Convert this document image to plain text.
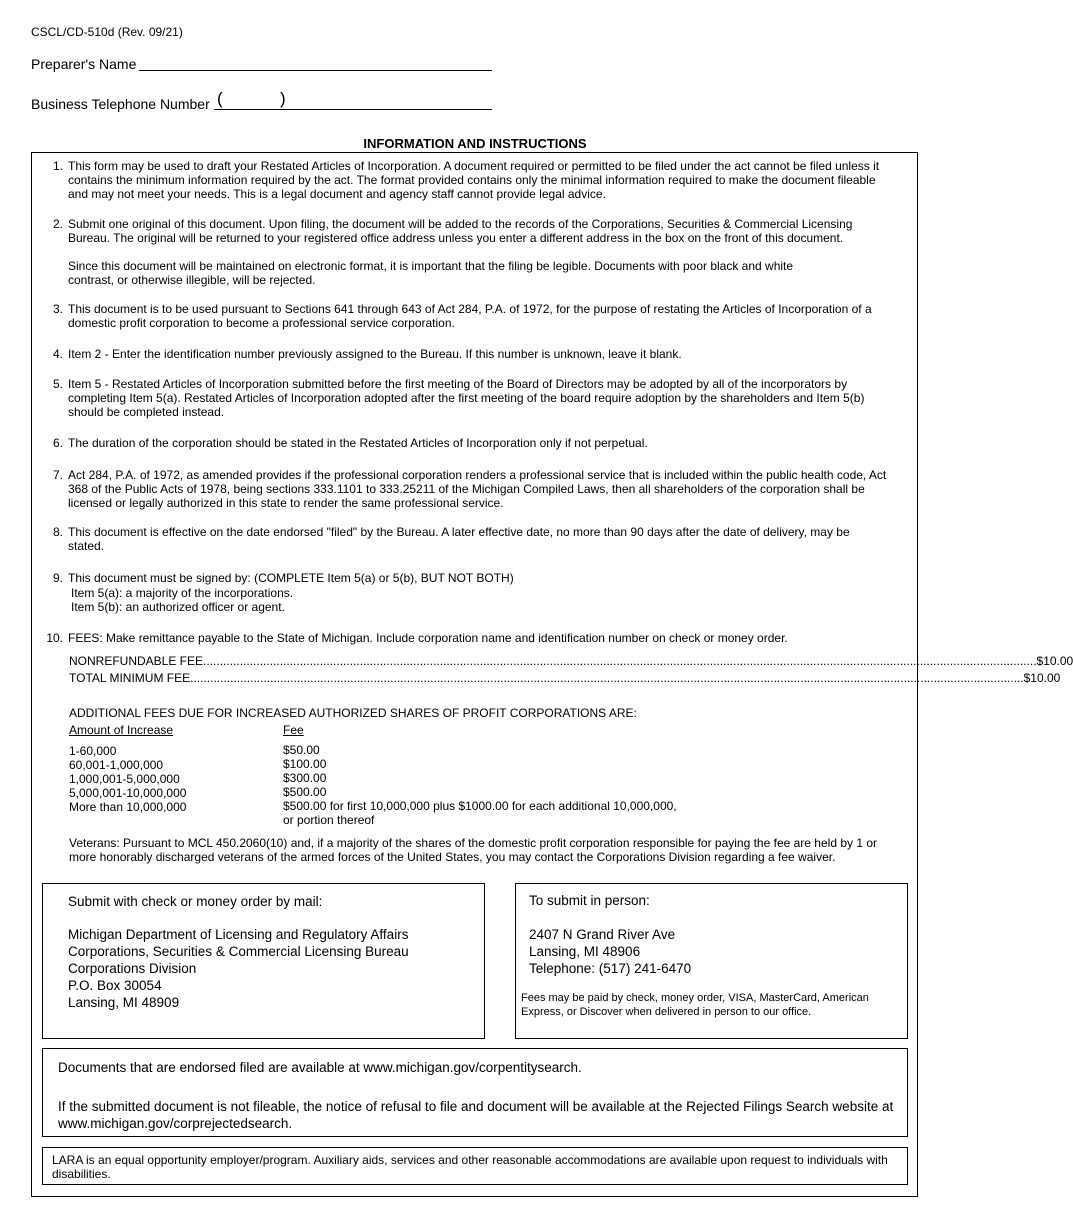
CSCL/CD-510d (Rev. 09/21)
Preparer's Name
Business Telephone Number (	)
INFORMATION AND INSTRUCTIONS
1. This form may be used to draft your Restated Articles of Incorporation. A document required or permitted to be filed under the act cannot be filed unless it contains the minimum information required by the act. The format provided contains only the minimal information required to make the document fileable and may not meet your needs. This is a legal document and agency staff cannot provide legal advice.
2. Submit one original of this document. Upon filing, the document will be added to the records of the Corporations, Securities & Commercial Licensing Bureau. The original will be returned to your registered office address unless you enter a different address in the box on the front of this document.
Since this document will be maintained on electronic format, it is important that the filing be legible. Documents with poor black and white contrast, or otherwise illegible, will be rejected.
3. This document is to be used pursuant to Sections 641 through 643 of Act 284, P.A. of 1972, for the purpose of restating the Articles of Incorporation of a domestic profit corporation to become a professional service corporation.
4. Item 2 - Enter the identification number previously assigned to the Bureau. If this number is unknown, leave it blank.
5. Item 5 - Restated Articles of Incorporation submitted before the first meeting of the Board of Directors may be adopted by all of the incorporators by completing Item 5(a). Restated Articles of Incorporation adopted after the first meeting of the board require adoption by the shareholders and Item 5(b) should be completed instead.
6. The duration of the corporation should be stated in the Restated Articles of Incorporation only if not perpetual.
7. Act 284, P.A. of 1972, as amended provides if the professional corporation renders a professional service that is included within the public health code, Act 368 of the Public Acts of 1978, being sections 333.1101 to 333.25211 of the Michigan Compiled Laws, then all shareholders of the corporation shall be licensed or legally authorized in this state to render the same professional service.
8. This document is effective on the date endorsed "filed" by the Bureau. A later effective date, no more than 90 days after the date of delivery, may be stated.
9. This document must be signed by: (COMPLETE Item 5(a) or 5(b), BUT NOT BOTH)
Item 5(a): a majority of the incorporations.
Item 5(b): an authorized officer or agent.
10. FEES: Make remittance payable to the State of Michigan. Include corporation name and identification number on check or money order.
NONREFUNDABLE FEE .......................................................................................................................................................................................................................................................... $10.00
TOTAL MINIMUM FEE .......................................................................................................................................................................................................................................................... $10.00
ADDITIONAL FEES DUE FOR INCREASED AUTHORIZED SHARES OF PROFIT CORPORATIONS ARE:
Amount of Increase	Fee
1-60,000
60,001-1,000,000
1,000,001-5,000,000
5,000,001-10,000,000
More than 10,000,000
$50.00
$100.00
$300.00
$500.00
$500.00 for first 10,000,000 plus $1000.00 for each additional 10,000,000,
or portion thereof
Veterans: Pursuant to MCL 450.2060(10) and, if a majority of the shares of the domestic profit corporation responsible for paying the fee are held by 1 or more honorably discharged veterans of the armed forces of the United States, you may contact the Corporations Division regarding a fee waiver.
Submit with check or money order by mail:
Michigan Department of Licensing and Regulatory Affairs
Corporations, Securities & Commercial Licensing Bureau
Corporations Division
P.O. Box 30054
Lansing, MI 48909
To submit in person:
2407 N Grand River Ave
Lansing, MI 48906
Telephone: (517) 241-6470
Fees may be paid by check, money order, VISA, MasterCard, American Express, or Discover when delivered in person to our office.
Documents that are endorsed filed are available at www.michigan.gov/corpentitysearch.
If the submitted document is not fileable, the notice of refusal to file and document will be available at the Rejected Filings Search website at www.michigan.gov/corprejectedsearch.
LARA is an equal opportunity employer/program. Auxiliary aids, services and other reasonable accommodations are available upon request to individuals with disabilities.
